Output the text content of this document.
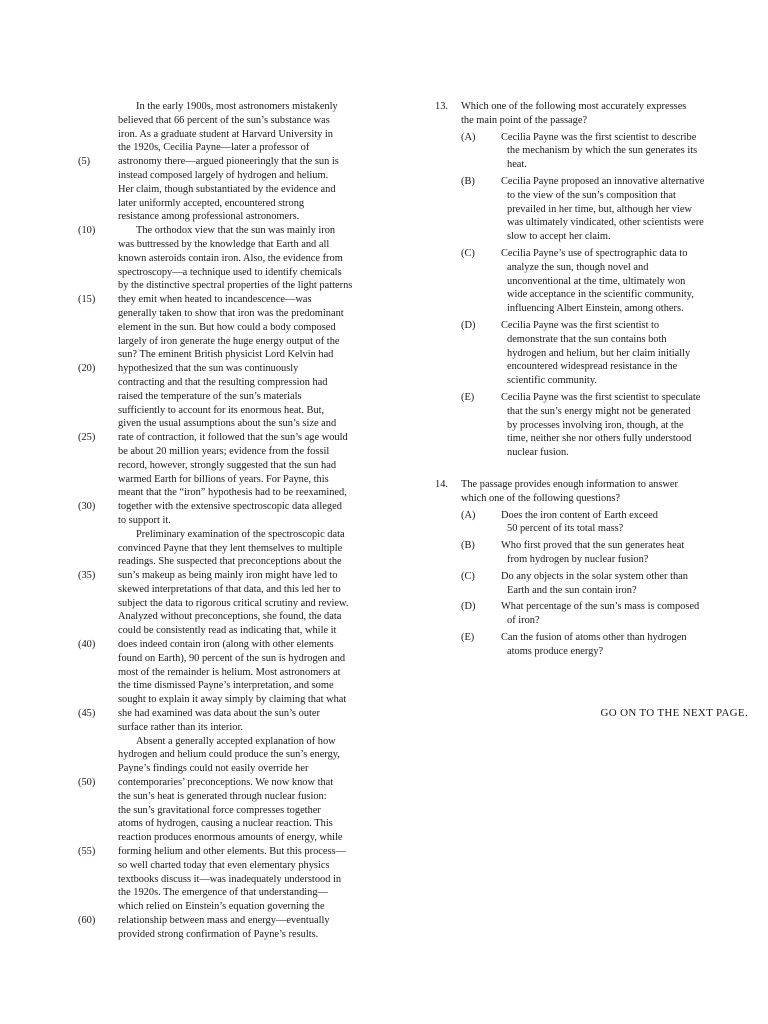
In the early 1900s, most astronomers mistakenly
believed that 66 percent of the sun’s substance was
iron. As a graduate student at Harvard University in
the 1920s, Cecilia Payne—later a professor of
(5)	astronomy there—argued pioneeringly that the sun is
instead composed largely of hydrogen and helium.
Her claim, though substantiated by the evidence and
later uniformly accepted, encountered strong
resistance among professional astronomers.
(10)	The orthodox view that the sun was mainly iron
was buttressed by the knowledge that Earth and all
known asteroids contain iron. Also, the evidence from
spectroscopy—a technique used to identify chemicals
by the distinctive spectral properties of the light patterns
(15)	they emit when heated to incandescence—was
generally taken to show that iron was the predominant
element in the sun. But how could a body composed
largely of iron generate the huge energy output of the
sun? The eminent British physicist Lord Kelvin had
(20)	hypothesized that the sun was continuously
contracting and that the resulting compression had
raised the temperature of the sun’s materials
sufficiently to account for its enormous heat. But,
given the usual assumptions about the sun’s size and
(25)	rate of contraction, it followed that the sun’s age would
be about 20 million years; evidence from the fossil
record, however, strongly suggested that the sun had
warmed Earth for billions of years. For Payne, this
meant that the “iron” hypothesis had to be reexamined,
(30)	together with the extensive spectroscopic data alleged
to support it.
Preliminary examination of the spectroscopic data
convinced Payne that they lent themselves to multiple
readings. She suspected that preconceptions about the
(35)	sun’s makeup as being mainly iron might have led to
skewed interpretations of that data, and this led her to
subject the data to rigorous critical scrutiny and review.
Analyzed without preconceptions, she found, the data
could be consistently read as indicating that, while it
(40)	does indeed contain iron (along with other elements
found on Earth), 90 percent of the sun is hydrogen and
most of the remainder is helium. Most astronomers at
the time dismissed Payne’s interpretation, and some
sought to explain it away simply by claiming that what
(45)	she had examined was data about the sun’s outer
surface rather than its interior.
Absent a generally accepted explanation of how
hydrogen and helium could produce the sun’s energy,
Payne’s findings could not easily override her
(50)	contemporaries’ preconceptions. We now know that
the sun’s heat is generated through nuclear fusion:
the sun’s gravitational force compresses together
atoms of hydrogen, causing a nuclear reaction. This
reaction produces enormous amounts of energy, while
(55)	forming helium and other elements. But this process—
so well charted today that even elementary physics
textbooks discuss it—was inadequately understood in
the 1920s. The emergence of that understanding—
which relied on Einstein’s equation governing the
(60)	relationship between mass and energy—eventually
provided strong confirmation of Payne’s results.
13. Which one of the following most accurately expresses
the main point of the passage?
(A) Cecilia Payne was the first scientist to describe
the mechanism by which the sun generates its
heat.
(B)	Cecilia Payne proposed an innovative alternative
to the view of the sun’s composition that
prevailed in her time, but, although her view
was ultimately vindicated, other scientists were
slow to accept her claim.
(C)	Cecilia Payne’s use of spectrographic data to
analyze the sun, though novel and
unconventional at the time, ultimately won
wide acceptance in the scientific community,
influencing Albert Einstein, among others.
(D) Cecilia Payne was the first scientist to
demonstrate that the sun contains both
hydrogen and helium, but her claim initially
encountered widespread resistance in the
scientific community.
(E)	Cecilia Payne was the first scientist to speculate
that the sun’s energy might not be generated
by processes involving iron, though, at the
time, neither she nor others fully understood
nuclear fusion.
14. The passage provides enough information to answer
which one of the following questions?
(A) Does the iron content of Earth exceed
50 percent of its total mass?
(B)	Who first proved that the sun generates heat
from hydrogen by nuclear fusion?
(C)	Do any objects in the solar system other than
Earth and the sun contain iron?
(D) What percentage of the sun’s mass is composed
of iron?
(E)	Can the fusion of atoms other than hydrogen
atoms produce energy?
GO ON TO THE NEXT PAGE.
